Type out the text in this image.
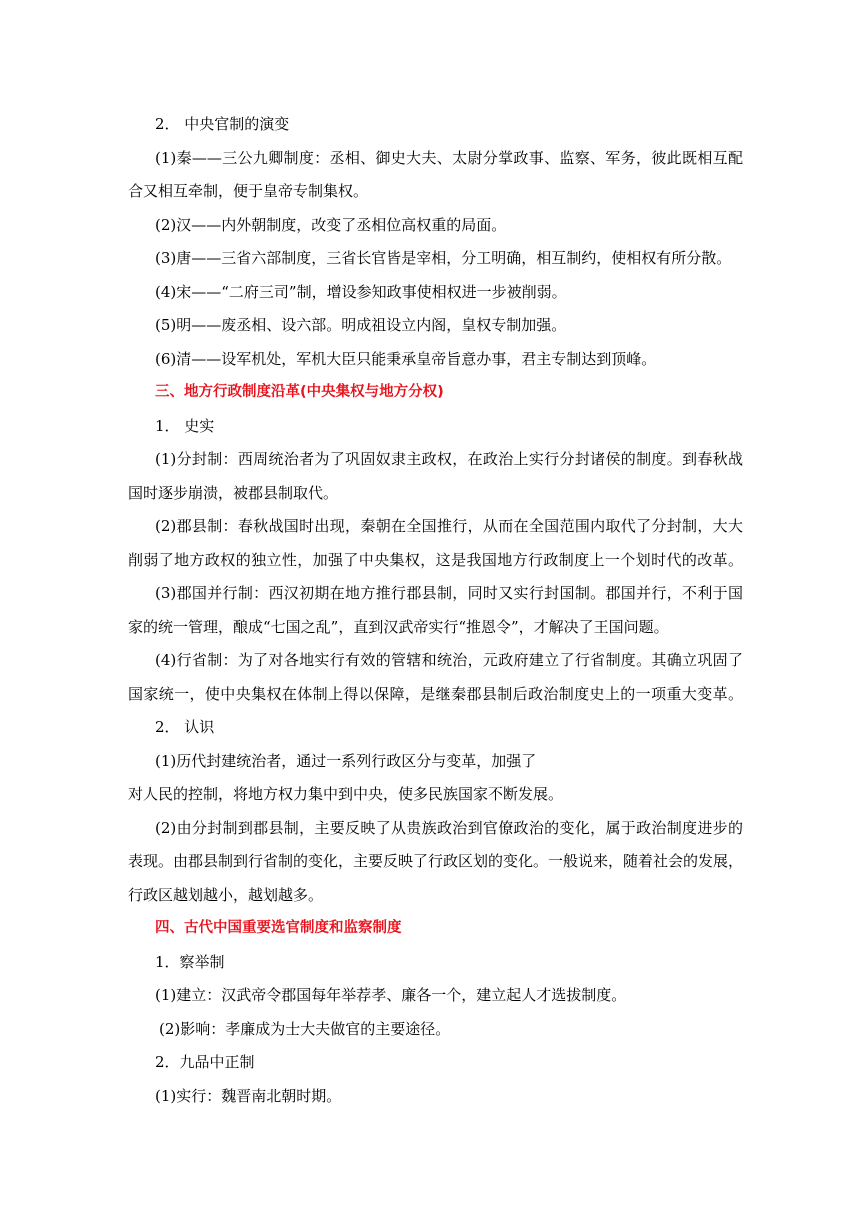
2． 中央官制的演变

(1)秦——三公九卿制度：丞相、御史大夫、太尉分掌政事、监察、军务，彼此既相互配

合又相互牵制，便于皇帝专制集权。

(2)汉——内外朝制度，改变了丞相位高权重的局面。

(3)唐——三省六部制度，三省长官皆是宰相，分工明确，相互制约，使相权有所分散。

(4)宋——“二府三司”制，增设参知政事使相权进一步被削弱。

(5)明——废丞相、设六部。明成祖设立内阁，皇权专制加强。

(6)清——设军机处，军机大臣只能秉承皇帝旨意办事，君主专制达到顶峰。

三、地方行政制度沿革(中央集权与地方分权)

1． 史实

(1)分封制：西周统治者为了巩固奴隶主政权，在政治上实行分封诸侯的制度。到春秋战

国时逐步崩溃，被郡县制取代。

(2)郡县制：春秋战国时出现，秦朝在全国推行，从而在全国范围内取代了分封制，大大

削弱了地方政权的独立性，加强了中央集权，这是我国地方行政制度上一个划时代的改革。

(3)郡国并行制：西汉初期在地方推行郡县制，同时又实行封国制。郡国并行，不利于国

家的统一管理，酿成“七国之乱”，直到汉武帝实行“推恩令”，才解决了王国问题。

(4)行省制：为了对各地实行有效的管辖和统治，元政府建立了行省制度。其确立巩固了

国家统一，使中央集权在体制上得以保障，是继秦郡县制后政治制度史上的一项重大变革。

2． 认识

(1)历代封建统治者，通过一系列行政区分与变革，加强了

对人民的控制，将地方权力集中到中央，使多民族国家不断发展。

(2)由分封制到郡县制，主要反映了从贵族政治到官僚政治的变化，属于政治制度进步的

表现。由郡县制到行省制的变化，主要反映了行政区划的变化。一般说来，随着社会的发展，

行政区越划越小，越划越多。

四、古代中国重要选官制度和监察制度

1．察举制

(1)建立：汉武帝令郡国每年举荐孝、廉各一个，建立起人才选拔制度。

(2)影响：孝廉成为士大夫做官的主要途径。

2．九品中正制

(1)实行：魏晋南北朝时期。
